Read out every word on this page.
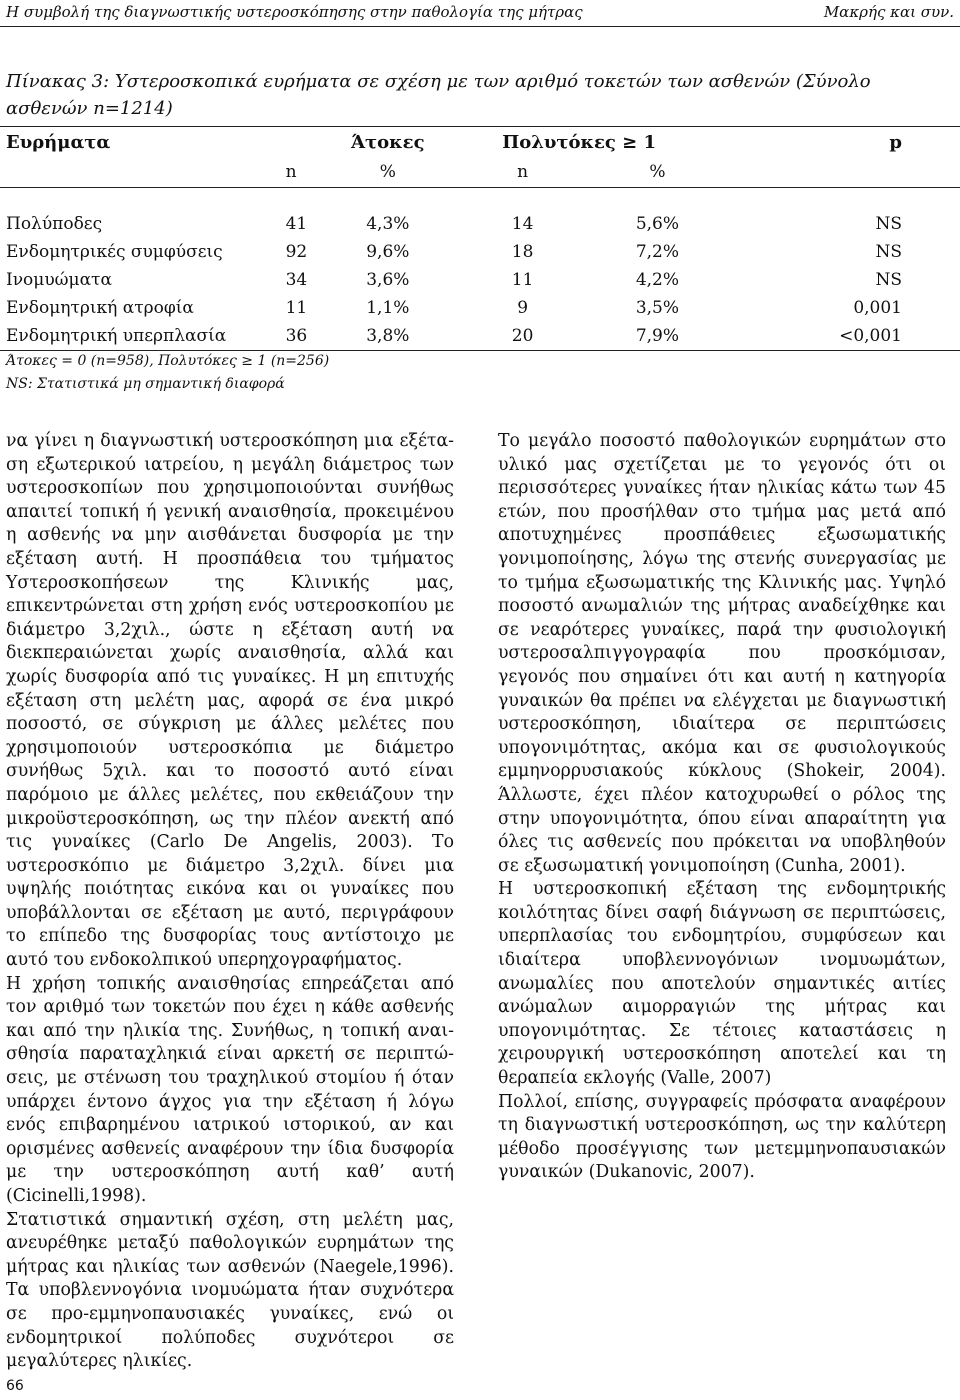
Η συμβολή της διαγνωστικής υστεροσκόπησης στην παθολογία της μήτρας	Μακρής και συν.

Πίνακας 3: Υστεροσκοπικά ευρήματα σε σχέση με των αριθμό τοκετών των ασθενών (Σύνολο ασθενών n=1214)

Ευρήματα		Άτοκες	Πολυτόκες ≥ 1		p
	n	%	n	%	

Πολύποδες	41	4,3%	14	5,6%	NS
Ενδομητρικές συμφύσεις	92	9,6%	18	7,2%	NS
Ινομυώματα	34	3,6%	11	4,2%	NS
Ενδομητρική ατροφία	11	1,1%	9	3,5%	0,001
Ενδομητρική υπερπλασία	36	3,8%	20	7,9%	<0,001
Άτοκες = 0 (n=958), Πολυτόκες ≥ 1 (n=256)
NS: Στατιστικά μη σημαντική διαφορά

να γίνει η διαγνωστική υστεροσκόπηση μια εξέταση εξωτερικού ιατρείου, η μεγάλη διάμετρος των υστεροσκοπίων που χρησιμοποιούνται συνήθως απαιτεί τοπική ή γενική αναισθησία, προκειμένου η ασθενής να μην αισθάνεται δυσφορία με την εξέταση αυτή. Η προσπάθεια του τμήματος Υστεροσκοπήσεων της Κλινικής μας, επικεντρώνεται στη χρήση ενός υστεροσκοπίου με διάμετρο 3,2χιλ., ώστε η εξέταση αυτή να διεκπεραιώνεται χωρίς αναισθησία, αλλά και χωρίς δυσφορία από τις γυναίκες. Η μη επιτυχής εξέταση στη μελέτη μας, αφορά σε ένα μικρό ποσοστό, σε σύγκριση με άλλες μελέτες που χρησιμοποιούν υστεροσκόπια με διάμετρο συνήθως 5χιλ. και το ποσοστό αυτό είναι παρόμοιο με άλλες μελέτες, που εκθειάζουν την μικροϋστεροσκόπηση, ως την πλέον ανεκτή από τις γυναίκες (Carlo De Angelis, 2003). Το υστεροσκόπιο με διάμετρο 3,2χιλ. δίνει μια υψηλής ποιότητας εικόνα και οι γυναίκες που υποβάλλονται σε εξέταση με αυτό, περιγράφουν το επίπεδο της δυσφορίας τους αντίστοιχο με αυτό του ενδοκολπικού υπερηχογραφήματος.

Η χρήση τοπικής αναισθησίας επηρεάζεται από τον αριθμό των τοκετών που έχει η κάθε ασθενής και από την ηλικία της. Συνήθως, η τοπική αναισθησία παραταχληκιά είναι αρκετή σε περιπτώσεις, με στένωση του τραχηλικού στομίου ή όταν υπάρχει έντονο άγχος για την εξέταση ή λόγω ενός επιβαρημένου ιατρικού ιστορικού, αν και ορισμένες ασθενείς αναφέρουν την ίδια δυσφορία με την υστεροσκόπηση αυτή καθ’ αυτή (Cicinelli,1998).

Στατιστικά σημαντική σχέση, στη μελέτη μας, ανευρέθηκε μεταξύ παθολογικών ευρημάτων της μήτρας και ηλικίας των ασθενών (Naegele,1996). Τα υποβλεννογόνια ινομυώματα ήταν συχνότερα σε προ-εμμηνοπαυσιακές γυναίκες, ενώ οι ενδομητρικοί πολύποδες συχνότεροι σε μεγαλύτερες ηλικίες.

Το μεγάλο ποσοστό παθολογικών ευρημάτων στο υλικό μας σχετίζεται με το γεγονός ότι οι περισσότερες γυναίκες ήταν ηλικίας κάτω των 45 ετών, που προσήλθαν στο τμήμα μας μετά από αποτυχημένες προσπάθειες εξωσωματικής γονιμοποίησης, λόγω της στενής συνεργασίας με το τμήμα εξωσωματικής της Κλινικής μας. Υψηλό ποσοστό ανωμαλιών της μήτρας αναδείχθηκε και σε νεαρότερες γυναίκες, παρά την φυσιολογική υστεροσαλπιγγογραφία που προσκόμισαν, γεγονός που σημαίνει ότι και αυτή η κατηγορία γυναικών θα πρέπει να ελέγχεται με διαγνωστική υστεροσκόπηση, ιδιαίτερα σε περιπτώσεις υπογονιμότητας, ακόμα και σε φυσιολογικούς εμμηνορρυσιακούς κύκλους (Shokeir, 2004). Άλλωστε, έχει πλέον κατοχυρωθεί ο ρόλος της στην υπογονιμότητα, όπου είναι απαραίτητη για όλες τις ασθενείς που πρόκειται να υποβληθούν σε εξωσωματική γονιμοποίηση (Cunha, 2001).

Η υστεροσκοπική εξέταση της ενδομητρικής κοιλότητας δίνει σαφή διάγνωση σε περιπτώσεις, υπερπλασίας του ενδομητρίου, συμφύσεων και ιδιαίτερα υποβλεννογόνιων ινομυωμάτων, ανωμαλίες που αποτελούν σημαντικές αιτίες ανώμαλων αιμορραγιών της μήτρας και υπογονιμότητας. Σε τέτοιες καταστάσεις η χειρουργική υστεροσκόπηση αποτελεί και τη θεραπεία εκλογής (Valle, 2007)

Πολλοί, επίσης, συγγραφείς πρόσφατα αναφέρουν τη διαγνωστική υστεροσκόπηση, ως την καλύτερη μέθοδο προσέγγισης των μετεμμηνοπαυσιακών γυναικών (Dukanovic, 2007).

66
